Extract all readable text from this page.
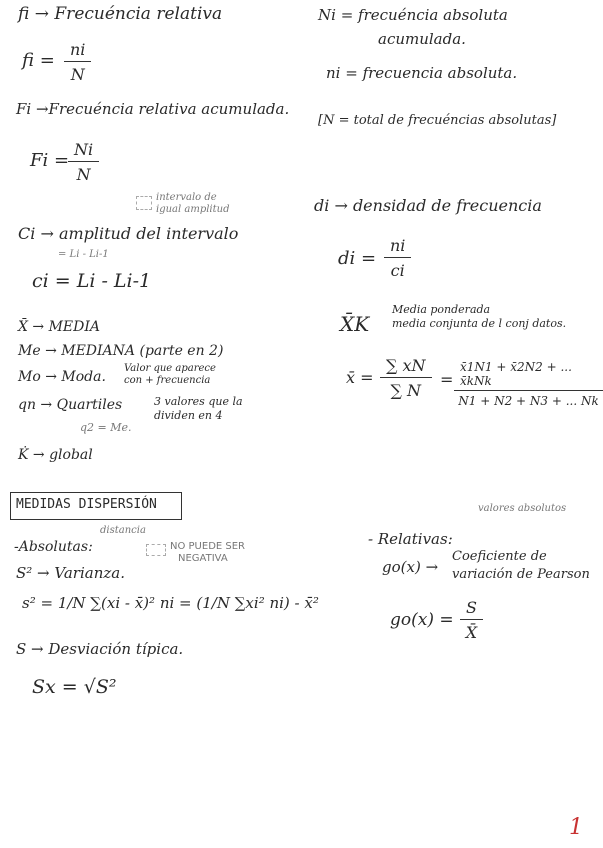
fi → Frecuéncia relativa
fi = $\frac{ni}{N}$
Fi →Frecuéncia relativa acumulada.
Fi =
$\frac{Ni}{N}$
intervalo de
igual amplitud
Ci → amplitud del intervalo
= Li - Li-1
ci = Li - Li-1
X̄ → MEDIA
Me → MEDIANA (parte en 2)
Mo → Moda.
Valor que aparece
con + frecuencia
qn → Quartiles	3 valores que la
dividen en 4
q2 = Me.
K̇ → global
MEDIDAS DISPERSIÓN
-Absolutas:
distancia
NO PUEDE SER
NEGATIVA
S² → Varianza.
s² = 1/N ∑(xi - x̄)² ni = (1/N ∑xi² ni) - x̄²
S → Desviación típica.
Sx = √S²
Ni = frecuéncia absoluta
acumulada.
ni = frecuencia absoluta.
[N = total de frecuéncias absolutas]
di → densidad de frecuencia
di = $\frac{ni}{ci}$
X̄K
Media ponderada
media conjunta de l conj datos.
x̄ = $\frac{\sum xN}{\sum N}$ =
x̄1N1 + x̄2N2 + ... x̄kNk
N1 + N2 + N3 + ... Nk
valores absolutos
- Relativas:
go(x) →
Coeficiente de
variación de Pearson
$go(x) = \frac{S}{X̄}$
1
